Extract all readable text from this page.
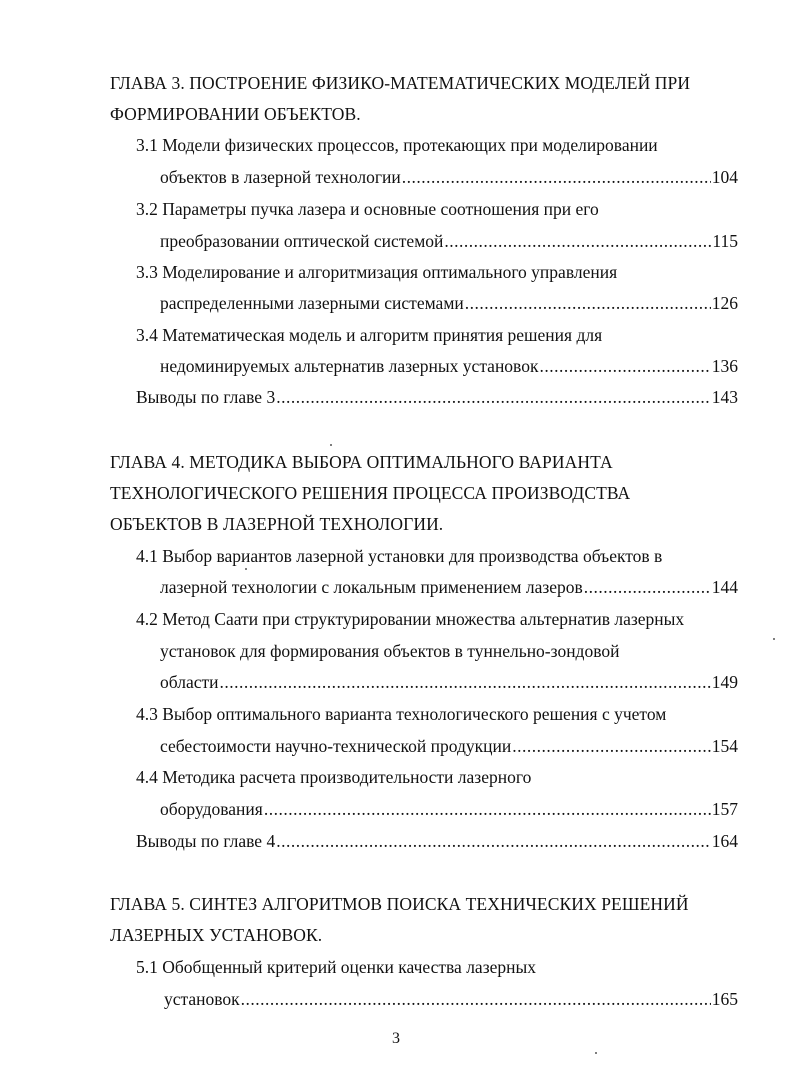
ГЛАВА 3. ПОСТРОЕНИЕ ФИЗИКО-МАТЕМАТИЧЕСКИХ МОДЕЛЕЙ ПРИ
ФОРМИРОВАНИИ ОБЪЕКТОВ.
3.1 Модели физических процессов, протекающих при моделировании
объектов в лазерной технологии .....	104
3.2 Параметры пучка лазера и основные соотношения при его
преобразовании оптической системой .....	115
3.3 Моделирование и алгоритмизация оптимального управления
распределенными лазерными системами .....	126
3.4 Математическая модель и алгоритм принятия решения для
недоминируемых альтернатив лазерных установок .....	136
Выводы по главе 3 .....	143
ГЛАВА 4. МЕТОДИКА ВЫБОРА ОПТИМАЛЬНОГО ВАРИАНТА
ТЕХНОЛОГИЧЕСКОГО РЕШЕНИЯ ПРОЦЕССА ПРОИЗВОДСТВА
ОБЪЕКТОВ В ЛАЗЕРНОЙ ТЕХНОЛОГИИ.
4.1 Выбор вариантов лазерной установки для производства объектов в
лазерной технологии с локальным применением лазеров .....	144
4.2 Метод Саати при структурировании множества альтернатив лазерных
установок для формирования объектов в туннельно-зондовой
области .....	149
4.3 Выбор оптимального варианта технологического решения с учетом
себестоимости научно-технической продукции .....	154
4.4 Методика расчета производительности лазерного
оборудования .....	157
Выводы по главе 4 .....	164
ГЛАВА 5. СИНТЕЗ АЛГОРИТМОВ ПОИСКА ТЕХНИЧЕСКИХ РЕШЕНИЙ
ЛАЗЕРНЫХ УСТАНОВОК.
5.1 Обобщенный критерий оценки качества лазерных
установок .....	165
3
